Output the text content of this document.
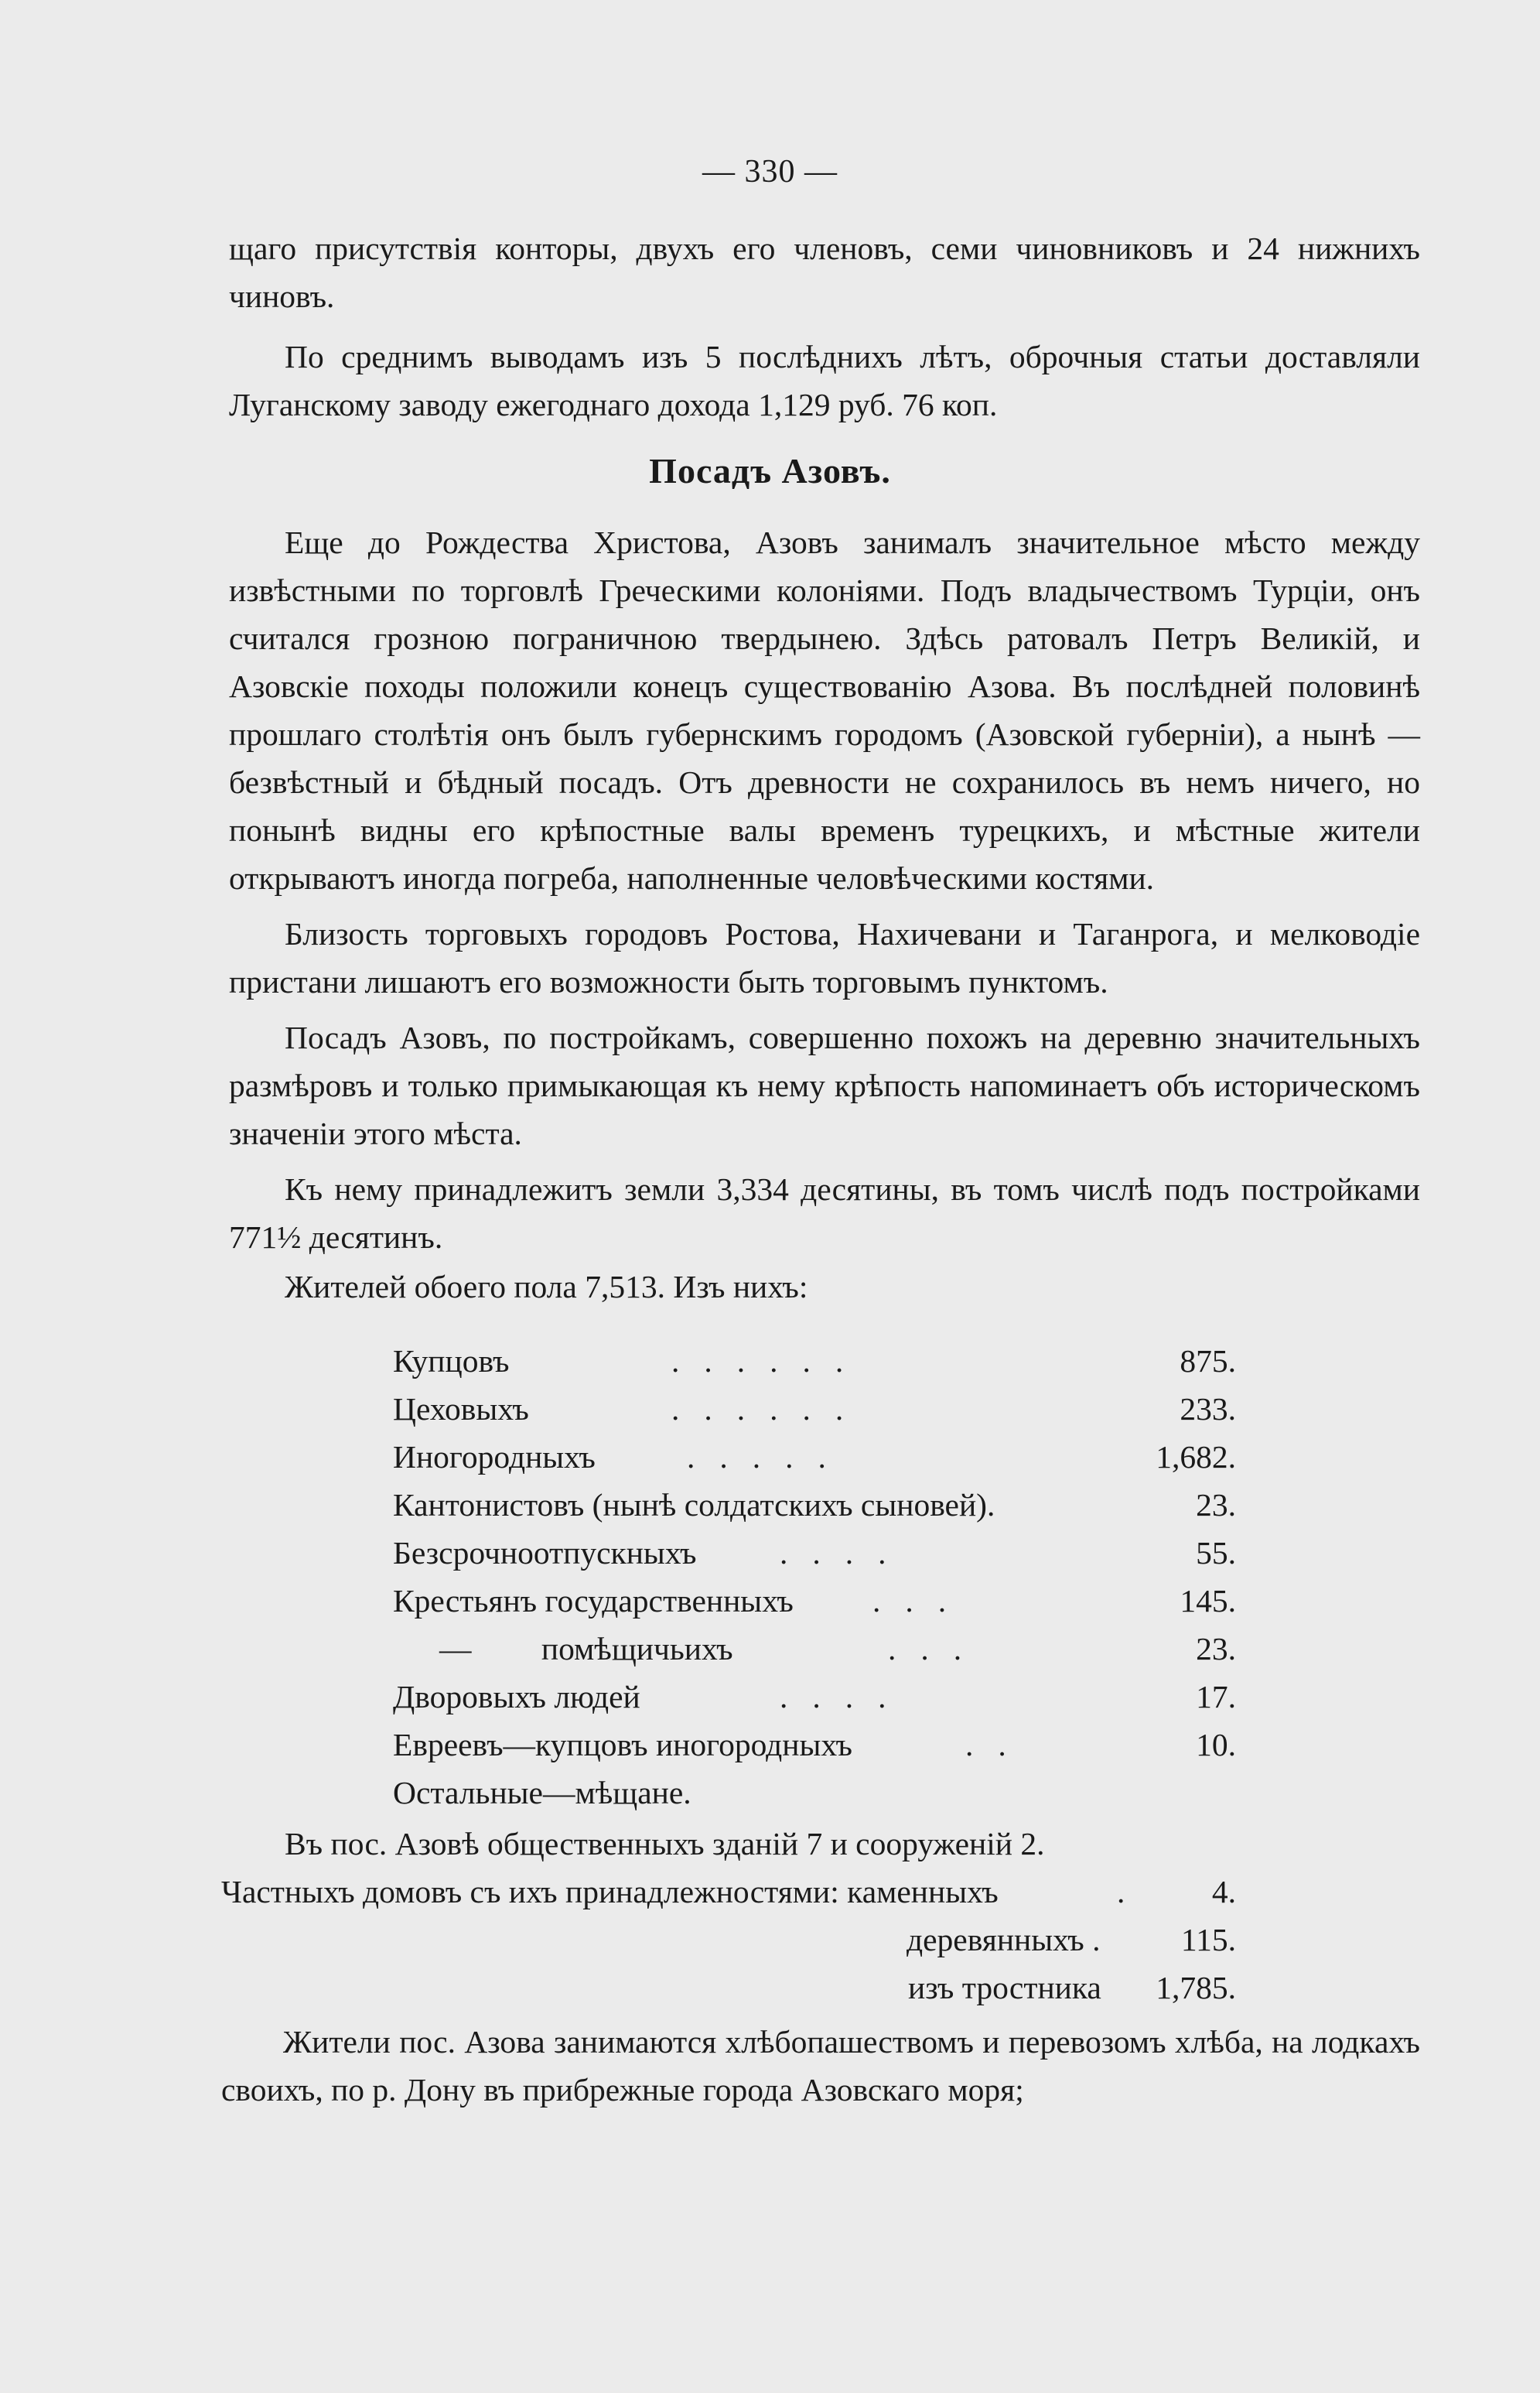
— 330 —

щаго присутствія конторы, двухъ его членовъ, семи чиновниковъ и 24 нижнихъ чиновъ.

По среднимъ выводамъ изъ 5 послѣднихъ лѣтъ, оброчныя статьи доставляли Луганскому заводу ежегоднаго дохода 1,129 руб. 76 коп.

Посадъ Азовъ.

Еще до Рождества Христова, Азовъ занималъ значительное мѣсто между извѣстными по торговлѣ Греческими колоніями. Подъ владычествомъ Турціи, онъ считался грозною пограничною твердынею. Здѣсь ратовалъ Петръ Великій, и Азовскіе походы положили конецъ существованію Азова. Въ послѣдней половинѣ прошлаго столѣтія онъ былъ губернскимъ городомъ (Азовской губерніи), а нынѣ — безвѣстный и бѣдный посадъ. Отъ древности не сохранилось въ немъ ничего, но понынѣ видны его крѣпостные валы временъ турецкихъ, и мѣстные жители открываютъ иногда погреба, наполненные человѣческими костями.

Близость торговыхъ городовъ Ростова, Нахичевани и Таганрога, и мелководіе пристани лишаютъ его возможности быть торговымъ пунктомъ.

Посадъ Азовъ, по постройкамъ, совершенно похожъ на деревню значительныхъ размѣровъ и только примыкающая къ нему крѣпость напоминаетъ объ историческомъ значеніи этого мѣста.

Къ нему принадлежитъ земли 3,334 десятины, въ томъ числѣ подъ постройками 771½ десятинъ.

Жителей обоего пола 7,513. Изъ нихъ:

Купцовъ	......	875.
Цеховыхъ	......	233.
Иногородныхъ	.....	1,682.
Кантонистовъ (нынѣ солдатскихъ сыновей).	23.
Безсрочноотпускныхъ	....	55.
Крестьянъ государственныхъ ...	145.
— помѣщичьихъ	...	23.
Дворовыхъ людей	....	17.
Евреевъ—купцовъ иногородныхъ	..	10.
Остальные—мѣщане.
Въ пос. Азовѣ общественныхъ зданій 7 и сооруженій 2.
Частныхъ домовъ съ ихъ принадлежностями: каменныхъ	.	4.
деревянныхъ .	115.
изъ тростника	1,785.

Жители пос. Азова занимаются хлѣбопашествомъ и перевозомъ хлѣба, на лодкахъ своихъ, по р. Дону въ прибрежные города Азовскаго моря;
